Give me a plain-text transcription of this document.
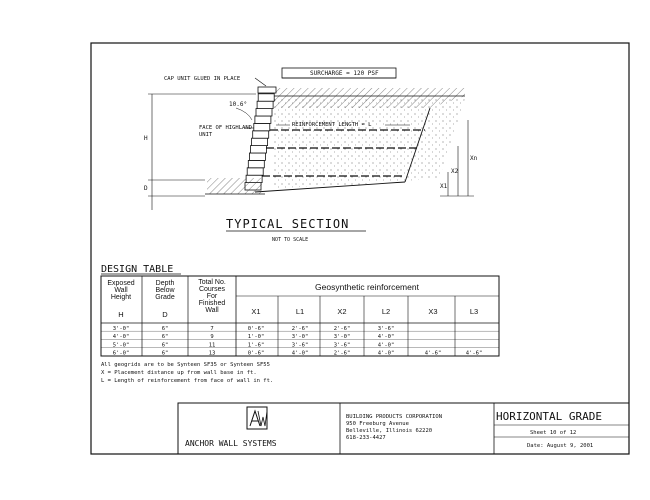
SURCHARGE = 120 PSF
CAP UNIT GLUED IN PLACE
10.6°
FACE OF HIGHLAND
UNIT
REINFORCEMENT LENGTH = L
H
D
Xn
X2
X1
TYPICAL SECTION
NOT TO SCALE
DESIGN TABLE
Exposed
Wall
Height
Depth
Below
Grade
Total No.
Courses
For
Finished
Wall
Geosynthetic reinforcement
H	D	X1	L1	X2	L2	X3	L3
3'-0"	6"	7	0'-6"	2'-6"	2'-6"	3'-6"
4'-0"	6"	9	1'-0"	3'-0"	3'-0"	4'-0"
5'-0"	6"	11	1'-6"	3'-6"	3'-6"	4'-0"
6'-0"	6"	13	0'-6"	4'-0"	2'-6"	4'-0"	4'-6"	4'-6"
All geogrids are to be Synteen SF35 or Synteen SF55
X = Placement distance up from wall base in ft.
L = Length of reinforcement from face of wall in ft.
ANCHOR WALL SYSTEMS
BUILDING PRODUCTS CORPORATION
950 Freeburg Avenue
Belleville, Illinois 62220
618-233-4427
HORIZONTAL GRADE
Sheet 10 of 12
Date: August 9, 2001
